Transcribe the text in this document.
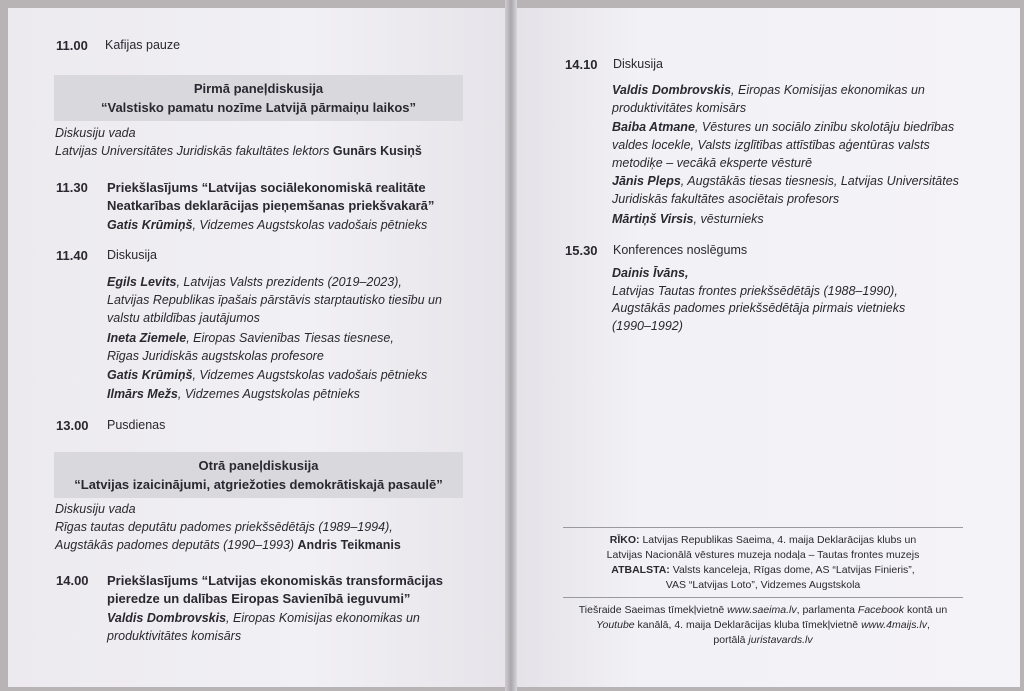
11.00 Kafijas pauze
Pirmā paneļdiskusija
“Valstisko pamatu nozīme Latvijā pārmaiņu laikos”
Diskusiju vada
Latvijas Universitātes Juridiskās fakultātes lektors Gunārs Kusiņš
11.30 Priekšlasījums “Latvijas sociālekonomiskā realitāte
Neatkarības deklarācijas pieņemšanas priekšvakarā”
Gatis Krūmiņš, Vidzemes Augstskolas vadošais pētnieks
11.40 Diskusija
Egils Levits, Latvijas Valsts prezidents (2019–2023),
Latvijas Republikas īpašais pārstāvis starptautisko tiesību un
valstu atbildības jautājumos
Ineta Ziemele, Eiropas Savienības Tiesas tiesnese,
Rīgas Juridiskās augstskolas profesore
Gatis Krūmiņš, Vidzemes Augstskolas vadošais pētnieks
Ilmārs Mežs, Vidzemes Augstskolas pētnieks
13.00 Pusdienas
Otrā paneļdiskusija
“Latvijas izaicinājumi, atgriežoties demokrātiskajā pasaulē”
Diskusiju vada
Rīgas tautas deputātu padomes priekšsēdētājs (1989–1994),
Augstākās padomes deputāts (1990–1993) Andris Teikmanis
14.00 Priekšlasījums “Latvijas ekonomiskās transformācijas
pieredze un dalības Eiropas Savienībā ieguvumi”
Valdis Dombrovskis, Eiropas Komisijas ekonomikas un
produktivitātes komisārs
14.10 Diskusija
Valdis Dombrovskis, Eiropas Komisijas ekonomikas un
produktivitātes komisārs
Baiba Atmane, Vēstures un sociālo zinību skolotāju biedrības
valdes locekle, Valsts izglītības attīstības aģentūras valsts
metodiķe – vecākā eksperte vēsturē
Jānis Pleps, Augstākās tiesas tiesnesis, Latvijas Universitātes
Juridiskās fakultātes asociētais profesors
Mārtiņš Virsis, vēsturnieks
15.30 Konferences noslēgums
Dainis Īvāns,
Latvijas Tautas frontes priekšsēdētājs (1988–1990),
Augstākās padomes priekšsēdētāja pirmais vietnieks
(1990–1992)
RĪKO: Latvijas Republikas Saeima, 4. maija Deklarācijas klubs un
Latvijas Nacionālā vēstures muzeja nodaļa – Tautas frontes muzejs
ATBALSTA: Valsts kanceleja, Rīgas dome, AS “Latvijas Finieris”,
VAS “Latvijas Loto”, Vidzemes Augstskola
Tiešraide Saeimas tīmekļvietnē www.saeima.lv, parlamenta Facebook kontā un
Youtube kanālā, 4. maija Deklarācijas kluba tīmekļvietnē www.4maijs.lv,
portālā juristavards.lv
